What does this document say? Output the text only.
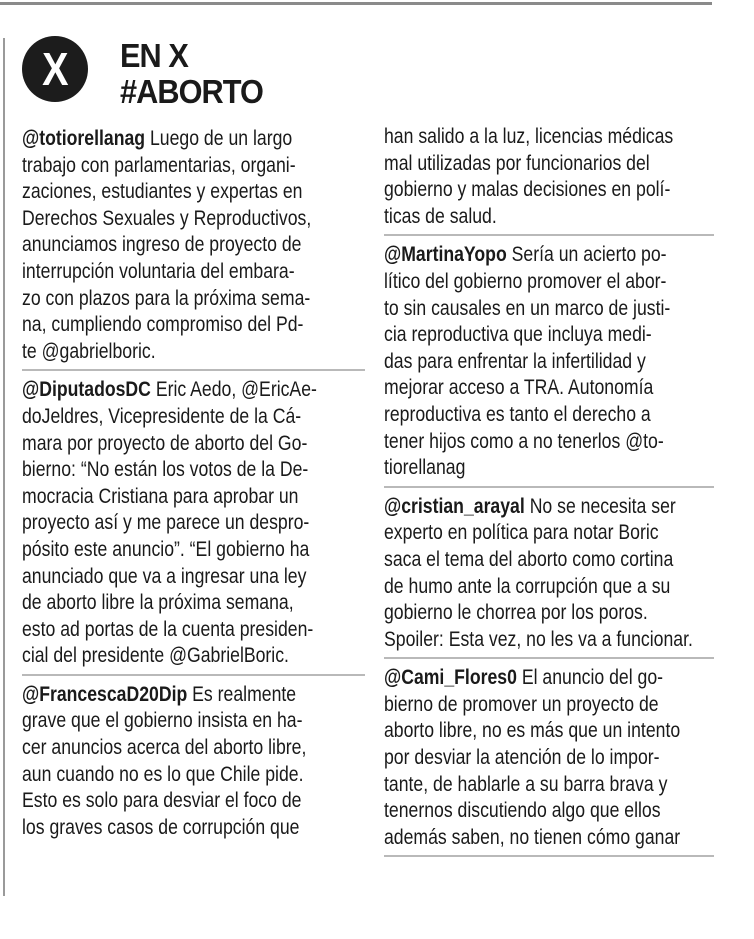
X EN X
#ABORTO
@totiorellanag Luego de un largo
trabajo con parlamentarias, organi-
zaciones, estudiantes y expertas en
Derechos Sexuales y Reproductivos,
anunciamos ingreso de proyecto de
interrupción voluntaria del embara-
zo con plazos para la próxima sema-
na, cumpliendo compromiso del Pd-
te @gabrielboric.
@DiputadosDC Eric Aedo, @EricAe-
doJeldres, Vicepresidente de la Cá-
mara por proyecto de aborto del Go-
bierno: “No están los votos de la De-
mocracia Cristiana para aprobar un
proyecto así y me parece un despro-
pósito este anuncio”. “El gobierno ha
anunciado que va a ingresar una ley
de aborto libre la próxima semana,
esto ad portas de la cuenta presiden-
cial del presidente @GabrielBoric.
@FrancescaD20Dip Es realmente
grave que el gobierno insista en ha-
cer anuncios acerca del aborto libre,
aun cuando no es lo que Chile pide.
Esto es solo para desviar el foco de
los graves casos de corrupción que
han salido a la luz, licencias médicas
mal utilizadas por funcionarios del
gobierno y malas decisiones en polí-
ticas de salud.
@MartinaYopo Sería un acierto po-
lítico del gobierno promover el abor-
to sin causales en un marco de justi-
cia reproductiva que incluya medi-
das para enfrentar la infertilidad y
mejorar acceso a TRA. Autonomía
reproductiva es tanto el derecho a
tener hijos como a no tenerlos @to-
tiorellanag
@cristian_arayal No se necesita ser
experto en política para notar Boric
saca el tema del aborto como cortina
de humo ante la corrupción que a su
gobierno le chorrea por los poros.
Spoiler: Esta vez, no les va a funcionar.
@Cami_Flores0 El anuncio del go-
bierno de promover un proyecto de
aborto libre, no es más que un intento
por desviar la atención de lo impor-
tante, de hablarle a su barra brava y
tenernos discutiendo algo que ellos
además saben, no tienen cómo ganar
